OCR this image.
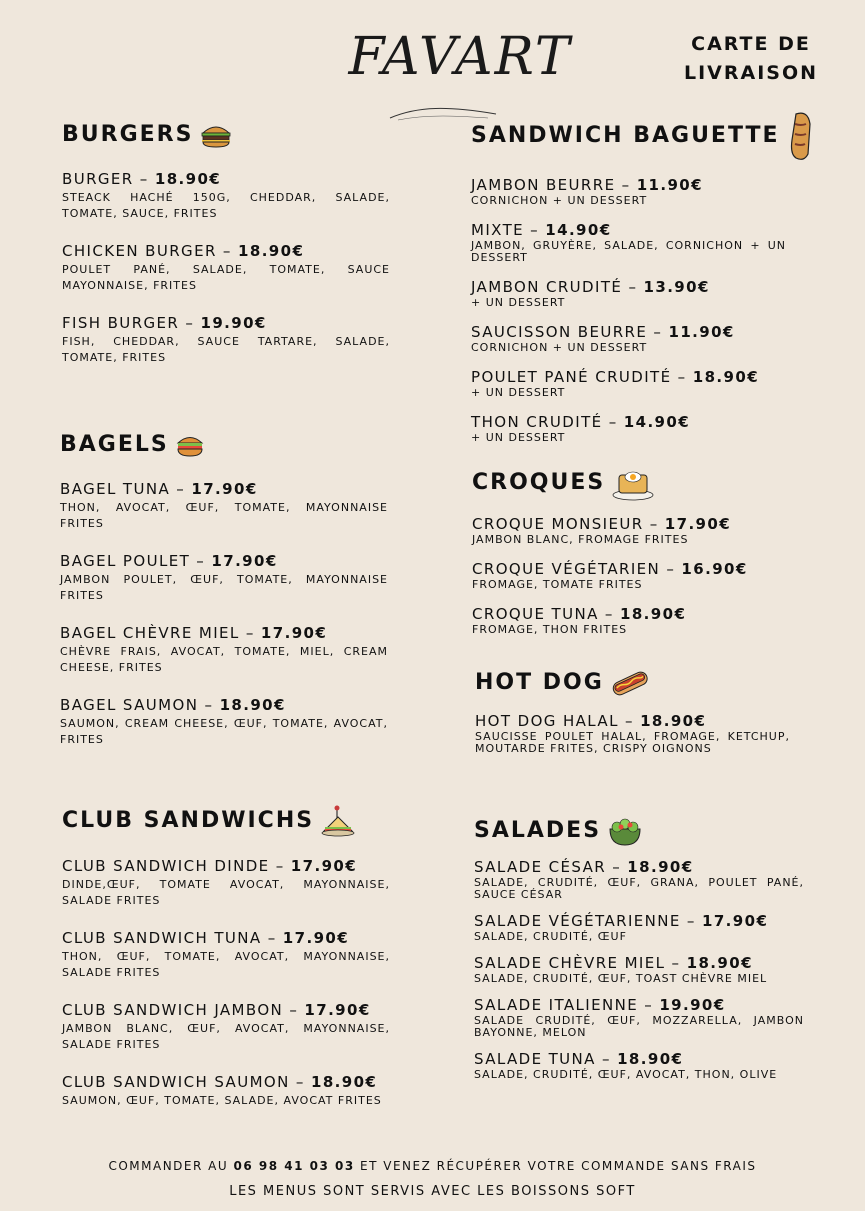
FAVART	CARTE DE
LIVRAISON
BURGERS
BURGER – 18.90€
STEACK HACHÉ 150G, CHEDDAR, SALADE, TOMATE, SAUCE, FRITES
CHICKEN BURGER – 18.90€
POULET PANÉ, SALADE, TOMATE, SAUCE MAYONNAISE, FRITES
FISH BURGER – 19.90€
FISH, CHEDDAR, SAUCE TARTARE, SALADE, TOMATE, FRITES
BAGELS
BAGEL TUNA – 17.90€
THON, AVOCAT, ŒUF, TOMATE, MAYONNAISE FRITES
BAGEL POULET – 17.90€
JAMBON POULET, ŒUF, TOMATE, MAYONNAISE FRITES
BAGEL CHÈVRE MIEL – 17.90€
CHÈVRE FRAIS, AVOCAT, TOMATE, MIEL, CREAM CHEESE, FRITES
BAGEL SAUMON – 18.90€
SAUMON, CREAM CHEESE, ŒUF, TOMATE, AVOCAT, FRITES
CLUB SANDWICHS
CLUB SANDWICH DINDE – 17.90€
DINDE,ŒUF, TOMATE AVOCAT, MAYONNAISE, SALADE FRITES
CLUB SANDWICH TUNA – 17.90€
THON, ŒUF, TOMATE, AVOCAT, MAYONNAISE, SALADE FRITES
CLUB SANDWICH JAMBON – 17.90€
JAMBON BLANC, ŒUF, AVOCAT, MAYONNAISE, SALADE FRITES
CLUB SANDWICH SAUMON – 18.90€
SAUMON, ŒUF, TOMATE, SALADE, AVOCAT FRITES
SANDWICH BAGUETTE
JAMBON BEURRE – 11.90€
CORNICHON + UN DESSERT
MIXTE – 14.90€
JAMBON, GRUYÈRE, SALADE, CORNICHON + UN DESSERT
JAMBON CRUDITÉ – 13.90€
+ UN DESSERT
SAUCISSON BEURRE – 11.90€
CORNICHON + UN DESSERT
POULET PANÉ CRUDITÉ – 18.90€
+ UN DESSERT
THON CRUDITÉ – 14.90€
+ UN DESSERT
CROQUES
CROQUE MONSIEUR – 17.90€
JAMBON BLANC, FROMAGE FRITES
CROQUE VÉGÉTARIEN – 16.90€
FROMAGE, TOMATE FRITES
CROQUE TUNA – 18.90€
FROMAGE, THON FRITES
HOT DOG
HOT DOG HALAL – 18.90€
SAUCISSE POULET HALAL, FROMAGE, KETCHUP, MOUTARDE FRITES, CRISPY OIGNONS
SALADES
SALADE CÉSAR – 18.90€
SALADE, CRUDITÉ, ŒUF, GRANA, POULET PANÉ, SAUCE CÉSAR
SALADE VÉGÉTARIENNE – 17.90€
SALADE, CRUDITÉ, ŒUF
SALADE CHÈVRE MIEL – 18.90€
SALADE, CRUDITÉ, ŒUF, TOAST CHÈVRE MIEL
SALADE ITALIENNE – 19.90€
SALADE CRUDITÉ, ŒUF, MOZZARELLA, JAMBON BAYONNE, MELON
SALADE TUNA – 18.90€
SALADE, CRUDITÉ, ŒUF, AVOCAT, THON, OLIVE
COMMANDER AU 06 98 41 03 03 ET VENEZ RÉCUPÉRER VOTRE COMMANDE SANS FRAIS
LES MENUS SONT SERVIS AVEC LES BOISSONS SOFT
